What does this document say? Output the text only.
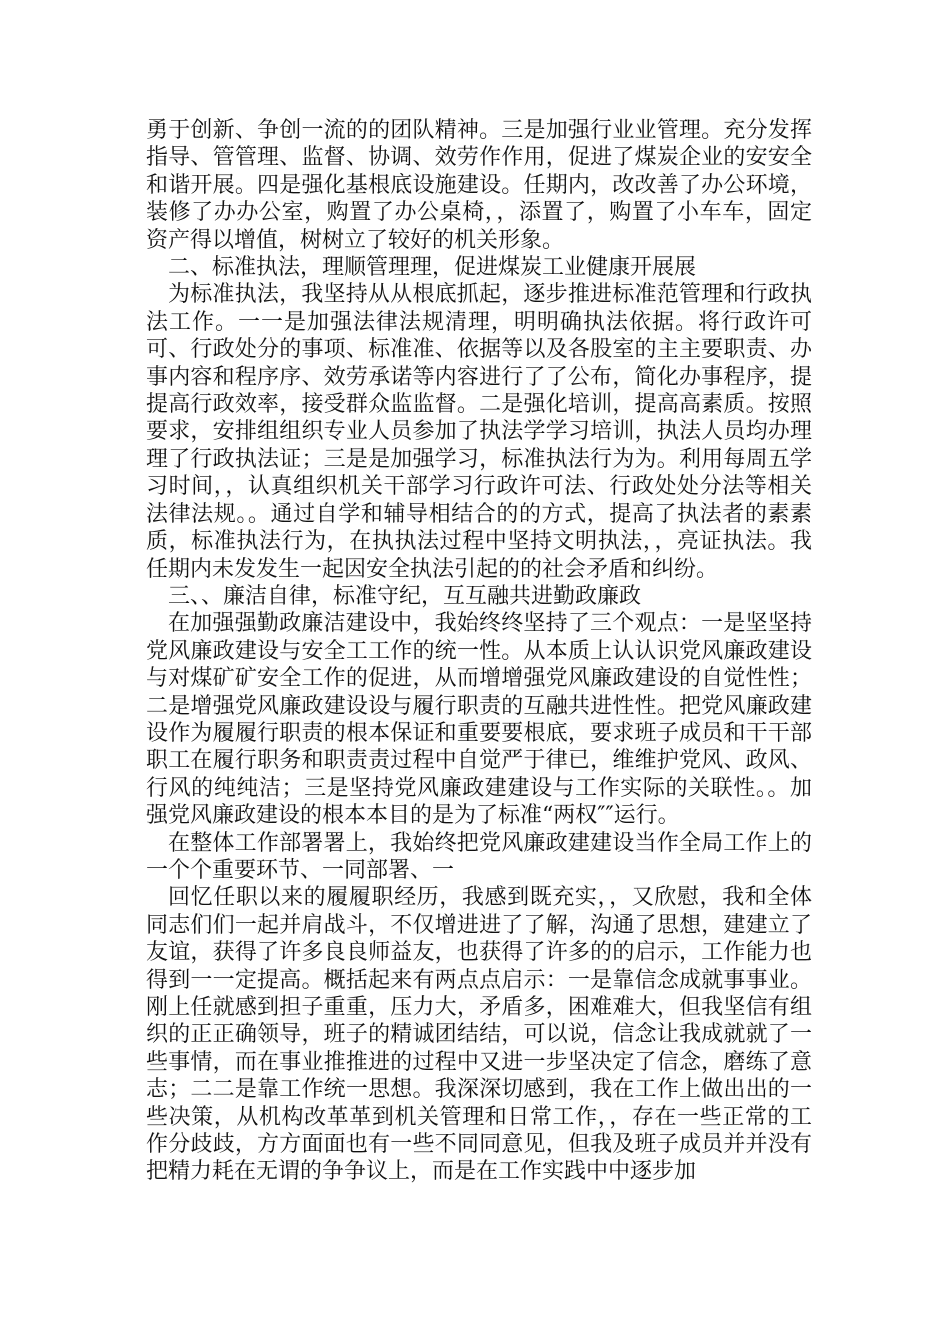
勇于创新、争创一流的的团队精神。三是加强行业业管理。充分发挥指导、管管理、监督、协调、效劳作作用，促进了煤炭企业的安安全和谐开展。四是强化基根底设施建设。任期内，改改善了办公环境，装修了办办公室，购置了办公桌椅，，添置了，购置了小车车，固定资产得以增值，树树立了较好的机关形象。

二、标准执法，理顺管理理，促进煤炭工业健康开展展

为标准执法，我坚持从从根底抓起，逐步推进标准范管理和行政执法工作。一一是加强法律法规清理，明明确执法依据。将行政许可可、行政处分的事项、标准准、依据等以及各股室的主主要职责、办事内容和程序序、效劳承诺等内容进行了了公布，简化办事程序，提提高行政效率，接受群众监监督。二是强化培训，提高高素质。按照要求，安排组组织专业人员参加了执法学学习培训，执法人员均办理理了行政执法证；三是是加强学习，标准执法行为为。利用每周五学习时间，，认真组织机关干部学习行政许可法、行政处处分法等相关法律法规。。通过自学和辅导相结合的的方式，提高了执法者的素素质，标准执法行为，在执执法过程中坚持文明执法，，亮证执法。我任期内未发发生一起因安全执法引起的的社会矛盾和纠纷。

三、、廉洁自律，标准守纪，互互融共进勤政廉政

在加强强勤政廉洁建设中，我始终终坚持了三个观点：一是坚坚持党风廉政建设与安全工工作的统一性。从本质上认认识党风廉政建设与对煤矿矿安全工作的促进，从而增增强党风廉政建设的自觉性性；二是增强党风廉政建设设与履行职责的互融共进性性。把党风廉政建设作为履履行职责的根本保证和重要要根底，要求班子成员和干干部职工在履行职务和职责责过程中自觉严于律已，维维护党风、政风、行风的纯纯洁；三是坚持党风廉政建建设与工作实际的关联性。。加强党风廉政建设的根本本目的是为了标准“两权″″运行。

在整体工作部署署上，我始终把党风廉政建建设当作全局工作上的一个个重要环节、一同部署、一

回忆任职以来的履履职经历，我感到既充实，，又欣慰，我和全体同志们们一起并肩战斗，不仅增进进了了解，沟通了思想，建建立了友谊，获得了许多良良师益友，也获得了许多的的启示，工作能力也得到一一定提高。概括起来有两点点启示：一是靠信念成就事事业。刚上任就感到担子重重，压力大，矛盾多，困难难大，但我坚信有组织的正正确领导，班子的精诚团结结，可以说，信念让我成就就了一些事情，而在事业推推进的过程中又进一步坚决定了信念，磨练了意志；二二是靠工作统一思想。我深深切感到，我在工作上做出出的一些决策，从机构改革革到机关管理和日常工作，，存在一些正常的工作分歧歧，方方面面也有一些不同同意见，但我及班子成员并并没有把精力耗在无谓的争争议上，而是在工作实践中中逐步加
